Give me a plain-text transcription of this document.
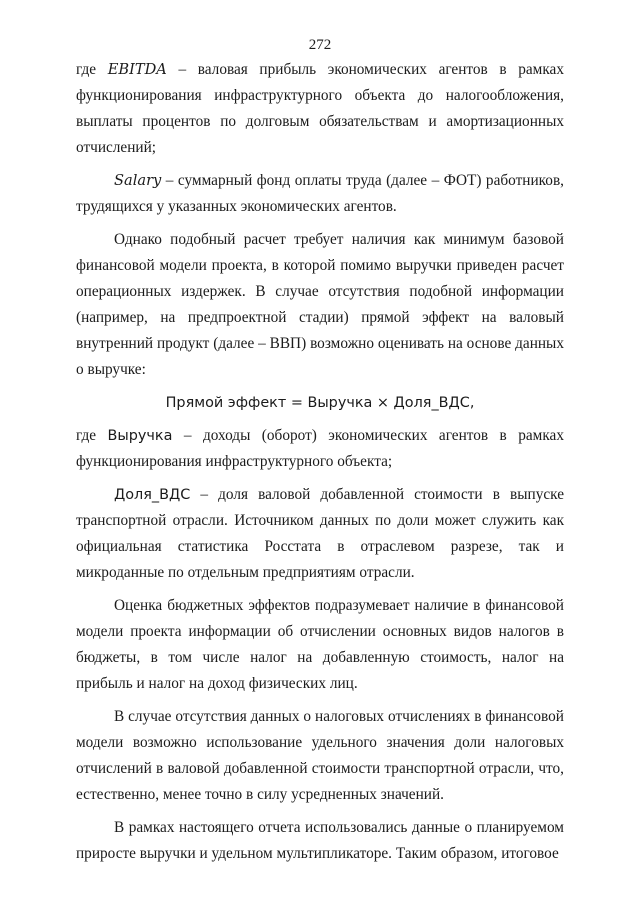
272

где EBITDA – валовая прибыль экономических агентов в рамках функционирования инфраструктурного объекта до налогообложения, выплаты процентов по долговым обязательствам и амортизационных отчислений;

Salary – суммарный фонд оплаты труда (далее – ФОТ) работников, трудящихся у указанных экономических агентов.

Однако подобный расчет требует наличия как минимум базовой финансовой модели проекта, в которой помимо выручки приведен расчет операционных издержек. В случае отсутствия подобной информации (например, на предпроектной стадии) прямой эффект на валовый внутренний продукт (далее – ВВП) возможно оценивать на основе данных о выручке:

Прямой эффект = Выручка × Доля_ВДС,

где Выручка – доходы (оборот) экономических агентов в рамках функционирования инфраструктурного объекта;

Доля_ВДС – доля валовой добавленной стоимости в выпуске транспортной отрасли. Источником данных по доли может служить как официальная статистика Росстата в отраслевом разрезе, так и микроданные по отдельным предприятиям отрасли.

Оценка бюджетных эффектов подразумевает наличие в финансовой модели проекта информации об отчислении основных видов налогов в бюджеты, в том числе налог на добавленную стоимость, налог на прибыль и налог на доход физических лиц.

В случае отсутствия данных о налоговых отчислениях в финансовой модели возможно использование удельного значения доли налоговых отчислений в валовой добавленной стоимости транспортной отрасли, что, естественно, менее точно в силу усредненных значений.

В рамках настоящего отчета использовались данные о планируемом приросте выручки и удельном мультипликаторе. Таким образом, итоговое
